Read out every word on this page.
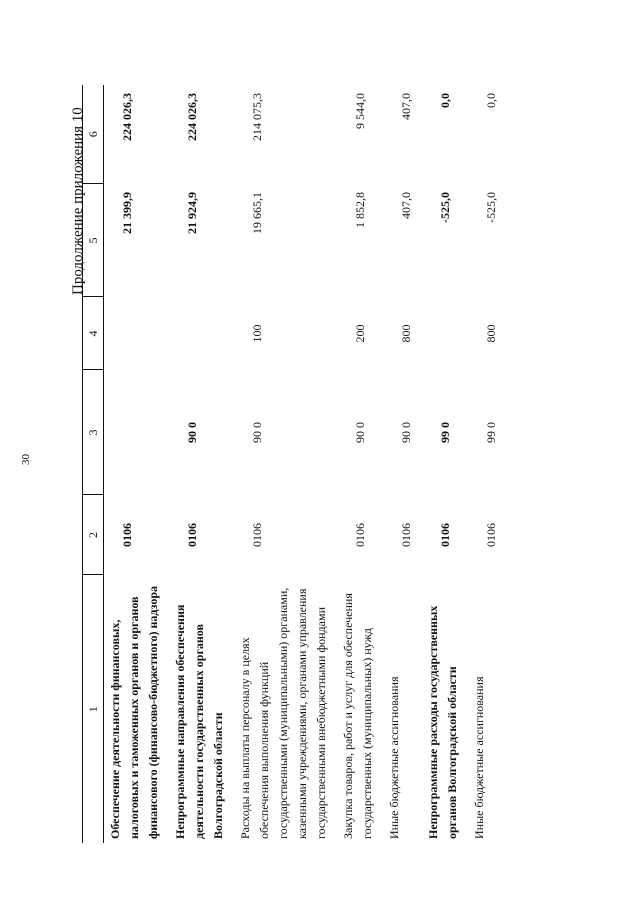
30
Продолжение приложения 10
1	2	3	4	5	6
Обеспечение деятельности финансовых, налоговых и таможенных органов и органов финансового (финансово-бюджетного) надзора	0106			21 399,9	224 026,3
Непрограммные направления обеспечения деятельности государственных органов Волгоградской области	0106	90 0		21 924,9	224 026,3
Расходы на выплаты персоналу в целях обеспечения выполнения функций государственными (муниципальными) органами, казенными учреждениями, органами управления государственными внебюджетными фондами	0106	90 0	100	19 665,1	214 075,3
Закупка товаров, работ и услуг для обеспечения государственных (муниципальных) нужд	0106	90 0	200	1 852,8	9 544,0
Иные бюджетные ассигнования	0106	90 0	800	407,0	407,0
Непрограммные расходы государственных органов Волгоградской области	0106	99 0		-525,0	0,0
Иные бюджетные ассигнования	0106	99 0	800	-525,0	0,0
